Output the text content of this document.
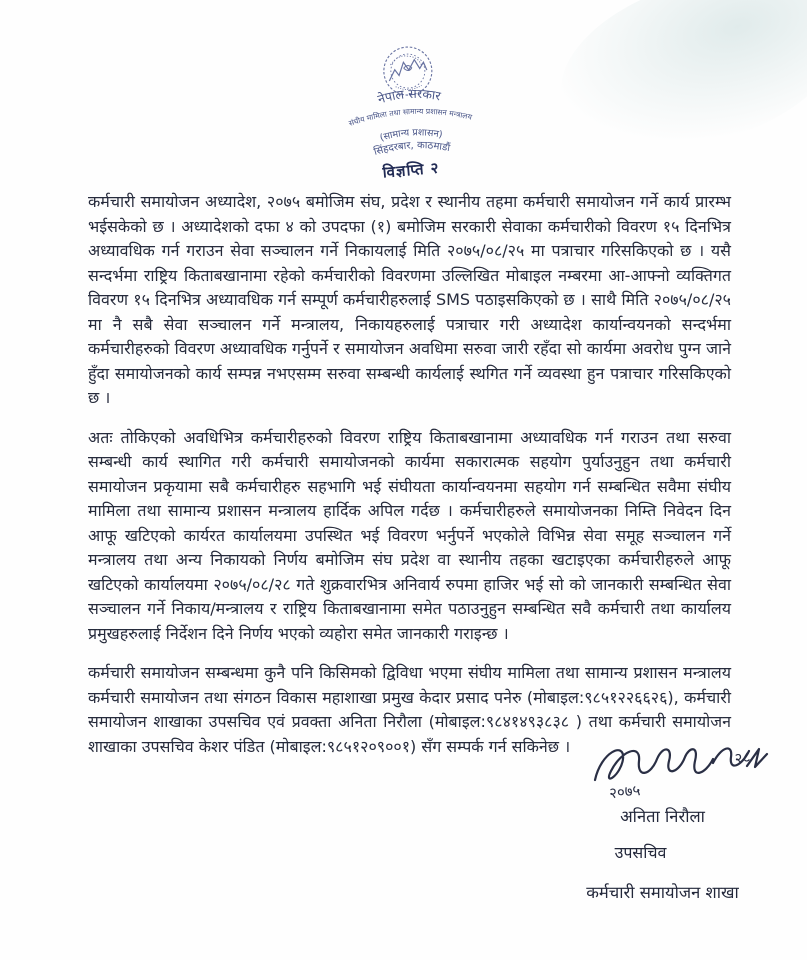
नेपाल सरकार
संघीय मामिला तथा सामान्य प्रशासन मन्त्रालय
(सामान्य प्रशासन)
सिंहदरबार, काठमाडौं
विज्ञप्ति २

कर्मचारी समायोजन अध्यादेश, २०७५ बमोजिम संघ, प्रदेश र स्थानीय तहमा कर्मचारी समायोजन गर्ने कार्य प्रारम्भ भईसकेको छ । अध्यादेशको दफा ४ को उपदफा (१) बमोजिम सरकारी सेवाका कर्मचारीको विवरण १५ दिनभित्र अध्यावधिक गर्न गराउन सेवा सञ्चालन गर्ने निकायलाई मिति २०७५/०८/२५ मा पत्राचार गरिसकिएको छ । यसै सन्दर्भमा राष्ट्रिय किताबखानामा रहेको कर्मचारीको विवरणमा उल्लिखित मोबाइल नम्बरमा आ-आफ्नो व्यक्तिगत विवरण १५ दिनभित्र अध्यावधिक गर्न सम्पूर्ण कर्मचारीहरुलाई SMS पठाइसकिएको छ । साथै मिति २०७५/०८/२५ मा नै सबै सेवा सञ्चालन गर्ने मन्त्रालय, निकायहरुलाई पत्राचार गरी अध्यादेश कार्यान्वयनको सन्दर्भमा कर्मचारीहरुको विवरण अध्यावधिक गर्नुपर्ने र समायोजन अवधिमा सरुवा जारी रहँदा सो कार्यमा अवरोध पुग्न जाने हुँदा समायोजनको कार्य सम्पन्न नभएसम्म सरुवा सम्बन्धी कार्यलाई स्थगित गर्ने व्यवस्था हुन पत्राचार गरिसकिएको छ ।

अतः तोकिएको अवधिभित्र कर्मचारीहरुको विवरण राष्ट्रिय किताबखानामा अध्यावधिक गर्न गराउन तथा सरुवा सम्बन्धी कार्य स्थागित गरी कर्मचारी समायोजनको कार्यमा सकारात्मक सहयोग पुर्याउनुहुन तथा कर्मचारी समायोजन प्रकृयामा सबै कर्मचारीहरु सहभागि भई संघीयता कार्यान्वयनमा सहयोग गर्न सम्बन्धित सवैमा संघीय मामिला तथा सामान्य प्रशासन मन्त्रालय हार्दिक अपिल गर्दछ । कर्मचारीहरुले समायोजनका निम्ति निवेदन दिन आफू खटिएको कार्यरत कार्यालयमा उपस्थित भई विवरण भर्नुपर्ने भएकोले विभिन्न सेवा समूह सञ्चालन गर्ने मन्त्रालय तथा अन्य निकायको निर्णय बमोजिम संघ प्रदेश वा स्थानीय तहका खटाइएका कर्मचारीहरुले आफू खटिएको कार्यालयमा २०७५/०८/२८ गते शुक्रवारभित्र अनिवार्य रुपमा हाजिर भई सो को जानकारी सम्बन्धित सेवा सञ्चालन गर्ने निकाय/मन्त्रालय र राष्ट्रिय किताबखानामा समेत पठाउनुहुन सम्बन्धित सवै कर्मचारी तथा कार्यालय प्रमुखहरुलाई निर्देशन दिने निर्णय भएको व्यहोरा समेत जानकारी गराइन्छ ।

कर्मचारी समायोजन सम्बन्धमा कुनै पनि किसिमको द्विविधा भएमा संघीय मामिला तथा सामान्य प्रशासन मन्त्रालय कर्मचारी समायोजन तथा संगठन विकास महाशाखा प्रमुख केदार प्रसाद पनेरु (मोबाइल:९८५१२२६६२६), कर्मचारी समायोजन शाखाका उपसचिव एवं प्रवक्ता अनिता निरौला (मोबाइल:९८४१४९३८३८ ) तथा कर्मचारी समायोजन शाखाका उपसचिव केशर पंडित (मोबाइल:९८५१२०९००१) सँग सम्पर्क गर्न सकिनेछ ।

२०७५
२८
अनिता निरौला
उपसचिव
कर्मचारी समायोजन शाखा
